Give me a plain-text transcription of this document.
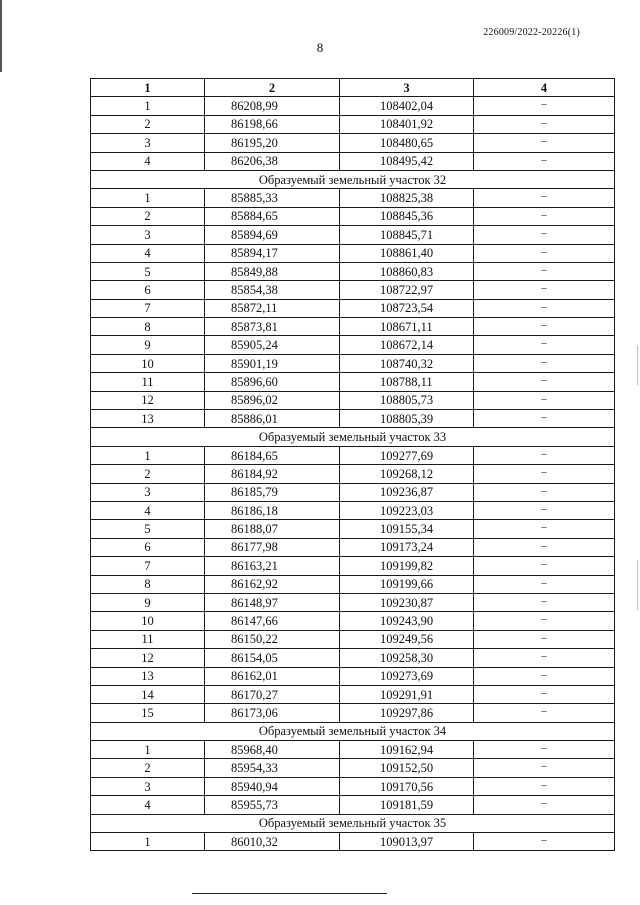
226009/2022-20226(1)
8
1	2	3	4
1	86208,99	108402,04	–
2	86198,66	108401,92	–
3	86195,20	108480,65	–
4	86206,38	108495,42	–
Образуемый земельный участок 32			
1	85885,33	108825,38	–
2	85884,65	108845,36	–
3	85894,69	108845,71	–
4	85894,17	108861,40	–
5	85849,88	108860,83	–
6	85854,38	108722,97	–
7	85872,11	108723,54	–
8	85873,81	108671,11	–
9	85905,24	108672,14	–
10	85901,19	108740,32	–
11	85896,60	108788,11	–
12	85896,02	108805,73	–
13	85886,01	108805,39	–
Образуемый земельный участок 33			
1	86184,65	109277,69	–
2	86184,92	109268,12	–
3	86185,79	109236,87	–
4	86186,18	109223,03	–
5	86188,07	109155,34	–
6	86177,98	109173,24	–
7	86163,21	109199,82	–
8	86162,92	109199,66	–
9	86148,97	109230,87	–
10	86147,66	109243,90	–
11	86150,22	109249,56	–
12	86154,05	109258,30	–
13	86162,01	109273,69	–
14	86170,27	109291,91	–
15	86173,06	109297,86	–
Образуемый земельный участок 34			
1	85968,40	109162,94	–
2	85954,33	109152,50	–
3	85940,94	109170,56	–
4	85955,73	109181,59	–
Образуемый земельный участок 35			
1	86010,32	109013,97	–
